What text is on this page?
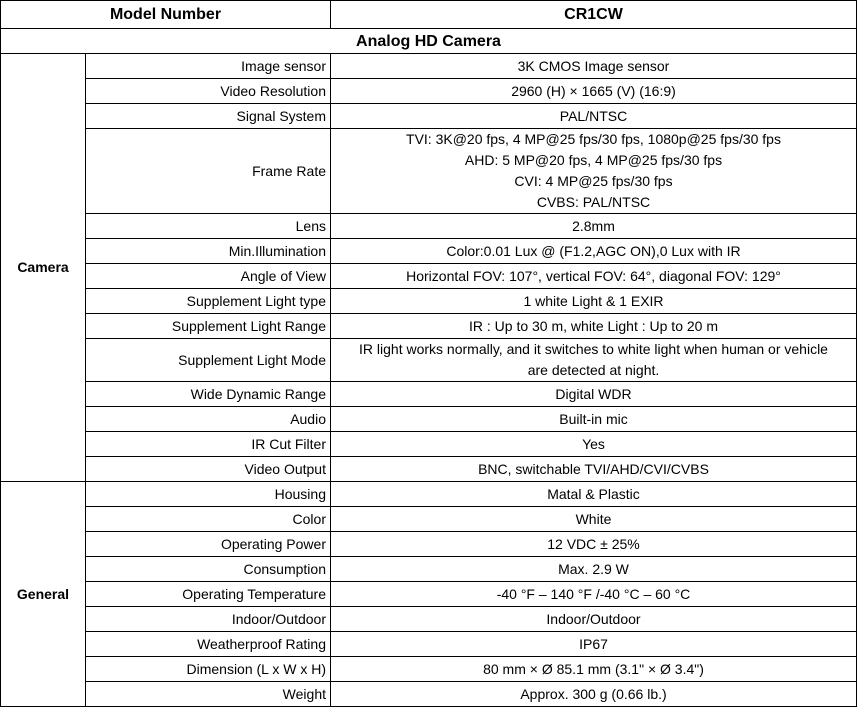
Model Number		CR1CW
Analog HD Camera		
Camera	Image sensor	3K CMOS Image sensor

	Video Resolution	2960 (H) × 1665 (V) (16:9)

	Signal System	PAL/NTSC

	Frame Rate	TVI: 3K@20 fps, 4 MP@25 fps/30 fps, 1080p@25 fps/30 fps
AHD: 5 MP@20 fps, 4 MP@25 fps/30 fps
CVI: 4 MP@25 fps/30 fps
CVBS: PAL/NTSC

	Lens	2.8mm

	Min.Illumination	Color:0.01 Lux @ (F1.2,AGC ON),0 Lux with IR

	Angle of View	Horizontal FOV: 107°, vertical FOV: 64°, diagonal FOV: 129°

	Supplement Light type	1 white Light & 1 EXIR

	Supplement Light Range	IR : Up to 30 m, white Light : Up to 20 m

	Supplement Light Mode	IR light works normally, and it switches to white light when human or vehicle
are detected at night.

	Wide Dynamic Range	Digital WDR

	Audio	Built-in mic

	IR Cut Filter	Yes

	Video Output	BNC, switchable TVI/AHD/CVI/CVBS

General	Housing	Matal & Plastic

	Color	White

	Operating Power	12 VDC ± 25%

	Consumption	Max. 2.9 W

	Operating Temperature	-40 °F – 140 °F /-40 °C – 60 °C

	Indoor/Outdoor	Indoor/Outdoor

	Weatherproof Rating	IP67

	Dimension (L x W x H)	80 mm × Ø 85.1 mm (3.1" × Ø 3.4")

	Weight	Approx. 300 g (0.66 lb.)
